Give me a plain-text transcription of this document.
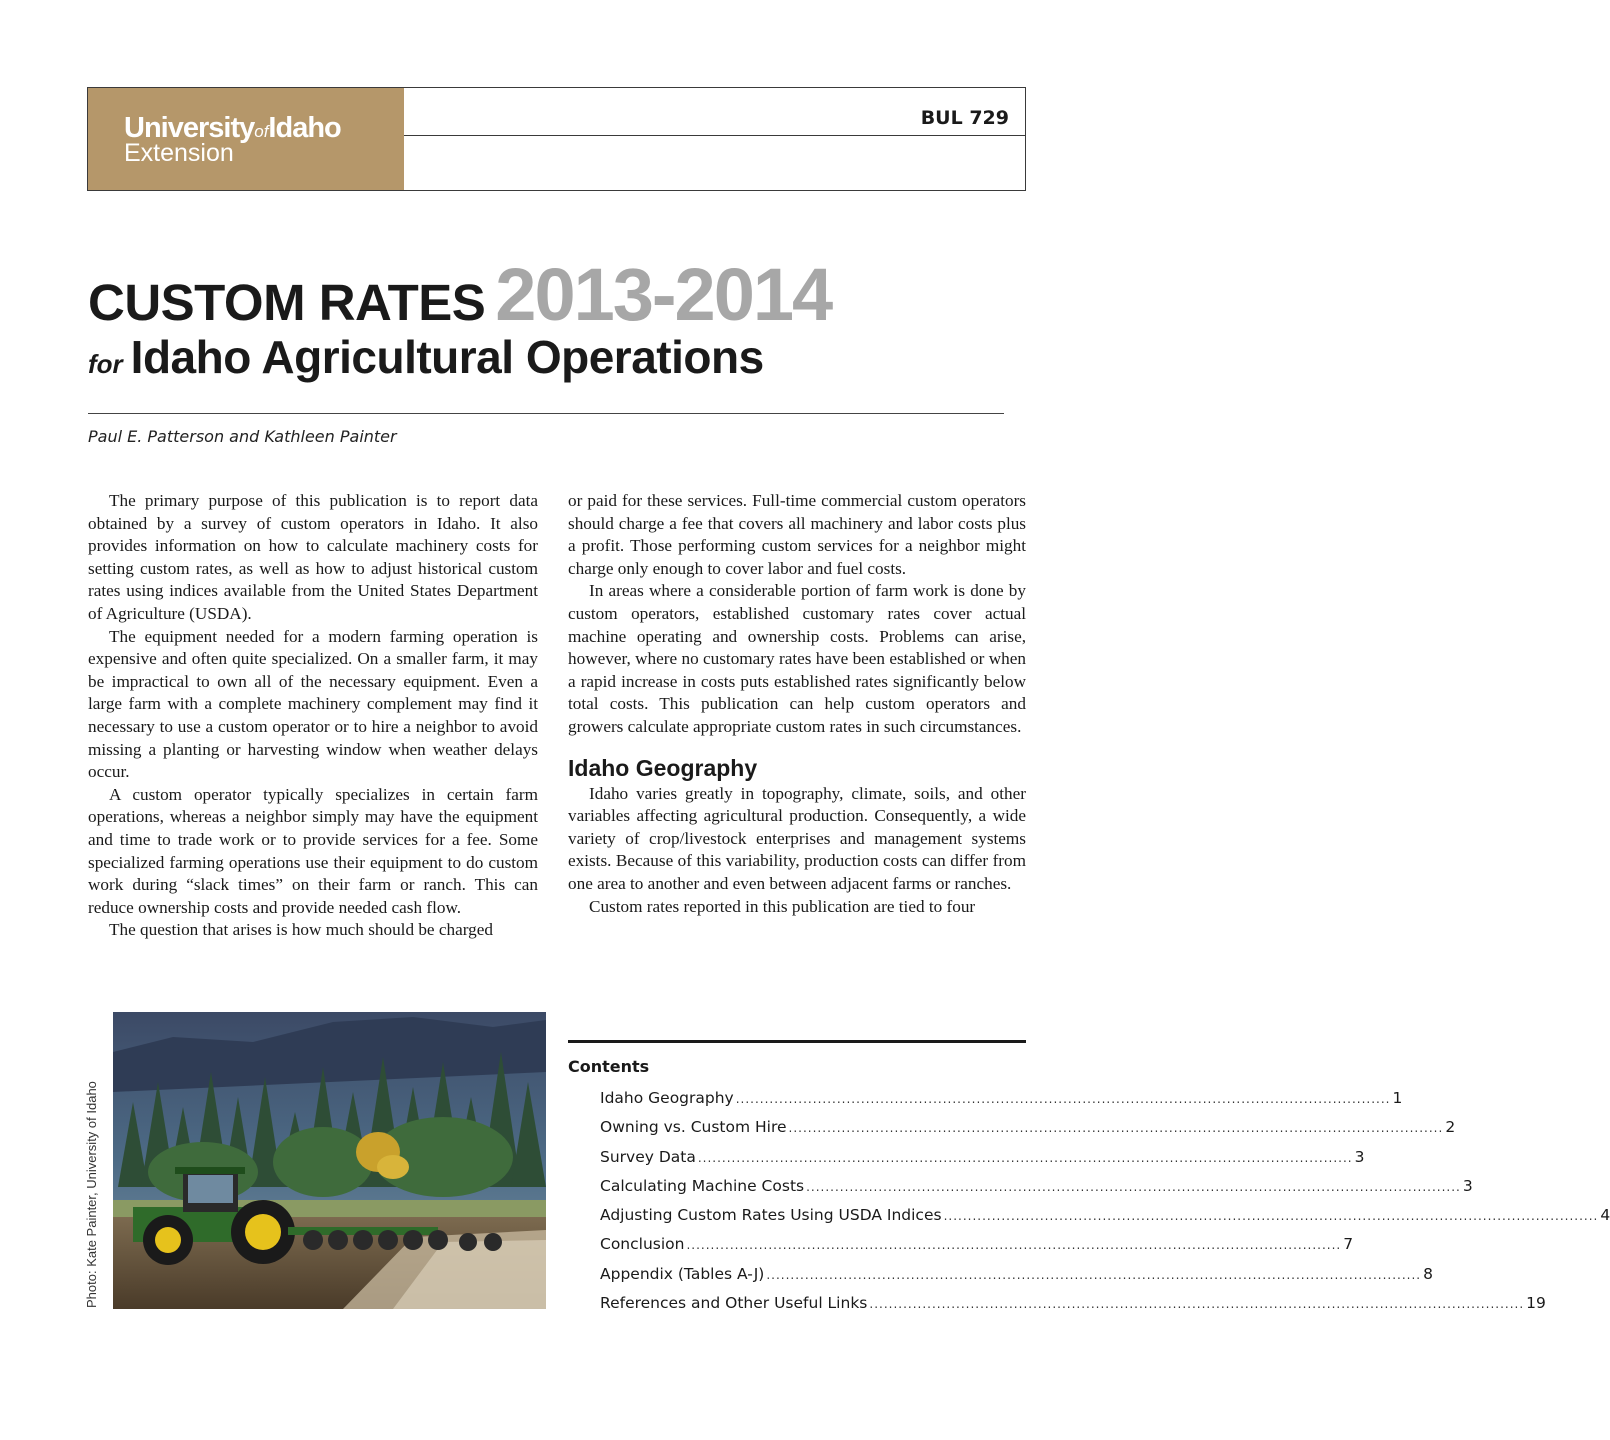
UniversityofIdaho
Extension
BUL 729
CUSTOM RATES 2013-2014
for Idaho Agricultural Operations
Paul E. Patterson and Kathleen Painter

The primary purpose of this publication is to report data obtained by a survey of custom operators in Idaho. It also provides information on how to calculate machinery costs for setting custom rates, as well as how to adjust historical custom rates using indices available from the United States Department of Agriculture (USDA).

The equipment needed for a modern farming operation is expensive and often quite specialized. On a smaller farm, it may be impractical to own all of the necessary equipment. Even a large farm with a complete machinery complement may find it necessary to use a custom operator or to hire a neighbor to avoid missing a planting or harvesting window when weather delays occur.

A custom operator typically specializes in certain farm operations, whereas a neighbor simply may have the equipment and time to trade work or to provide services for a fee. Some specialized farming operations use their equipment to do custom work during “slack times” on their farm or ranch. This can reduce ownership costs and provide needed cash flow.

The question that arises is how much should be charged

or paid for these services. Full-time commercial custom operators should charge a fee that covers all machinery and labor costs plus a profit. Those performing custom services for a neighbor might charge only enough to cover labor and fuel costs.

In areas where a considerable portion of farm work is done by custom operators, established customary rates cover actual machine operating and ownership costs. Problems can arise, however, where no customary rates have been established or when a rapid increase in costs puts established rates significantly below total costs. This publication can help custom operators and growers calculate appropriate custom rates in such circumstances.

Idaho Geography

Idaho varies greatly in topography, climate, soils, and other variables affecting agricultural production. Consequently, a wide variety of crop/livestock enterprises and management systems exists. Because of this variability, production costs can differ from one area to another and even between adjacent farms or ranches.

Custom rates reported in this publication are tied to four

Photo: Kate Painter, University of Idaho
Contents
Idaho Geography ........................................................................................................................................ 1
Owning vs. Custom Hire ........................................................................................................................................ 2
Survey Data ........................................................................................................................................ 3
Calculating Machine Costs ........................................................................................................................................ 3
Adjusting Custom Rates Using USDA Indices ........................................................................................................................................ 4
Conclusion ........................................................................................................................................ 7
Appendix (Tables A-J) ........................................................................................................................................ 8
References and Other Useful Links ........................................................................................................................................ 19
